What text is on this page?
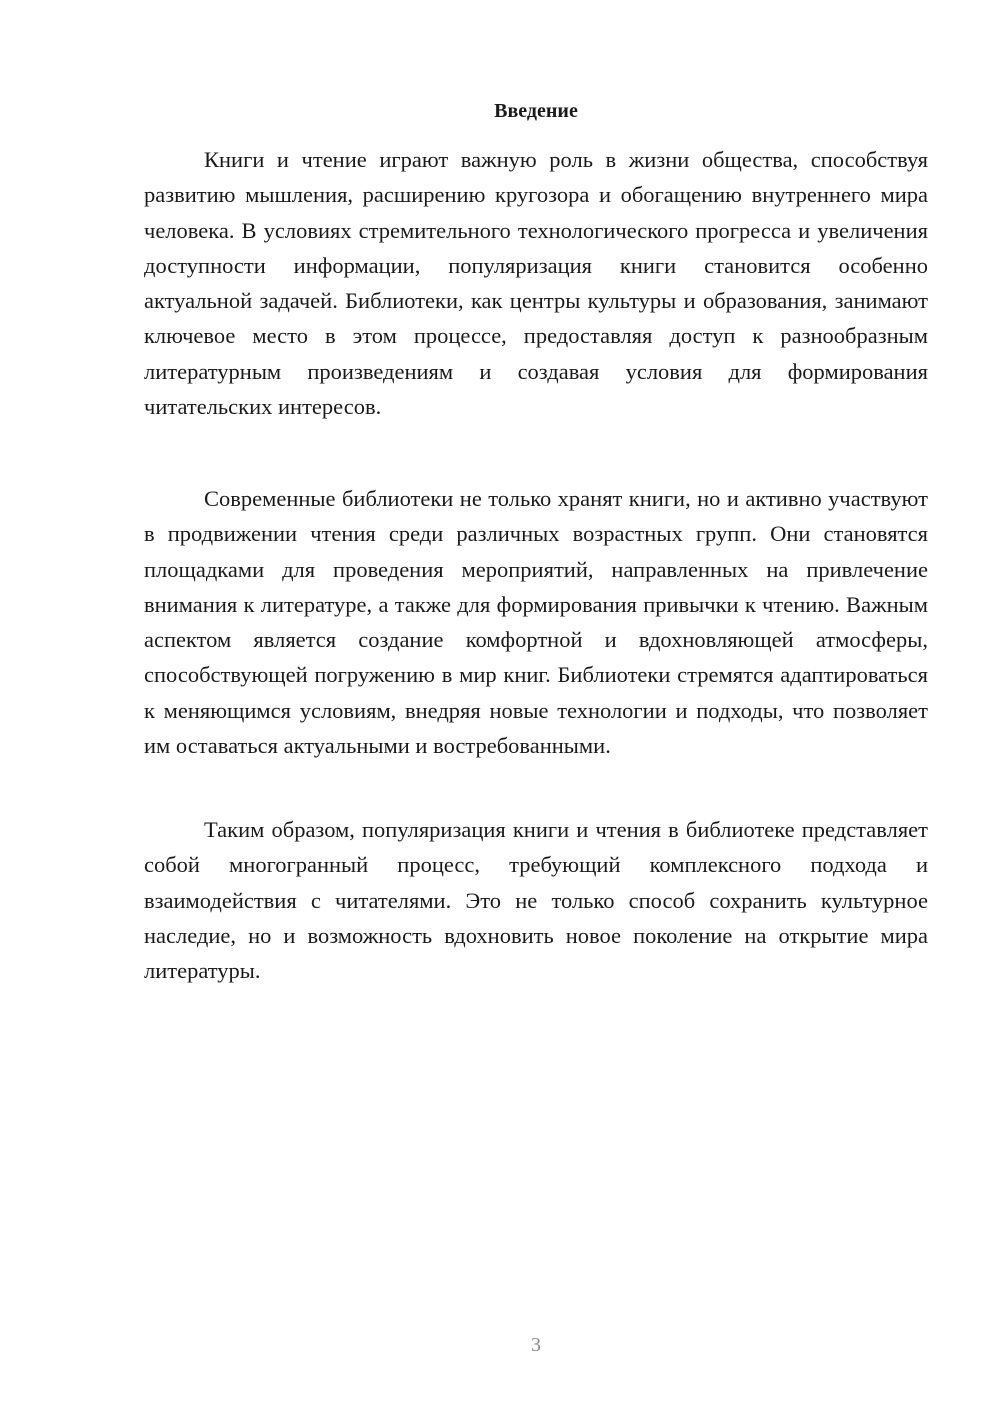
Введение

Книги и чтение играют важную роль в жизни общества, способствуя развитию мышления, расширению кругозора и обогащению внутреннего мира человека. В условиях стремительного технологического прогресса и увеличения доступности информации, популяризация книги становится особенно актуальной задачей. Библиотеки, как центры культуры и образования, занимают ключевое место в этом процессе, предоставляя доступ к разнообразным литературным произведениям и создавая условия для формирования читательских интересов.

Современные библиотеки не только хранят книги, но и активно участвуют в продвижении чтения среди различных возрастных групп. Они становятся площадками для проведения мероприятий, направленных на привлечение внимания к литературе, а также для формирования привычки к чтению. Важным аспектом является создание комфортной и вдохновляющей атмосферы, способствующей погружению в мир книг. Библиотеки стремятся адаптироваться к меняющимся условиям, внедряя новые технологии и подходы, что позволяет им оставаться актуальными и востребованными.

Таким образом, популяризация книги и чтения в библиотеке представляет собой многогранный процесс, требующий комплексного подхода и взаимодействия с читателями. Это не только способ сохранить культурное наследие, но и возможность вдохновить новое поколение на открытие мира литературы.

3
